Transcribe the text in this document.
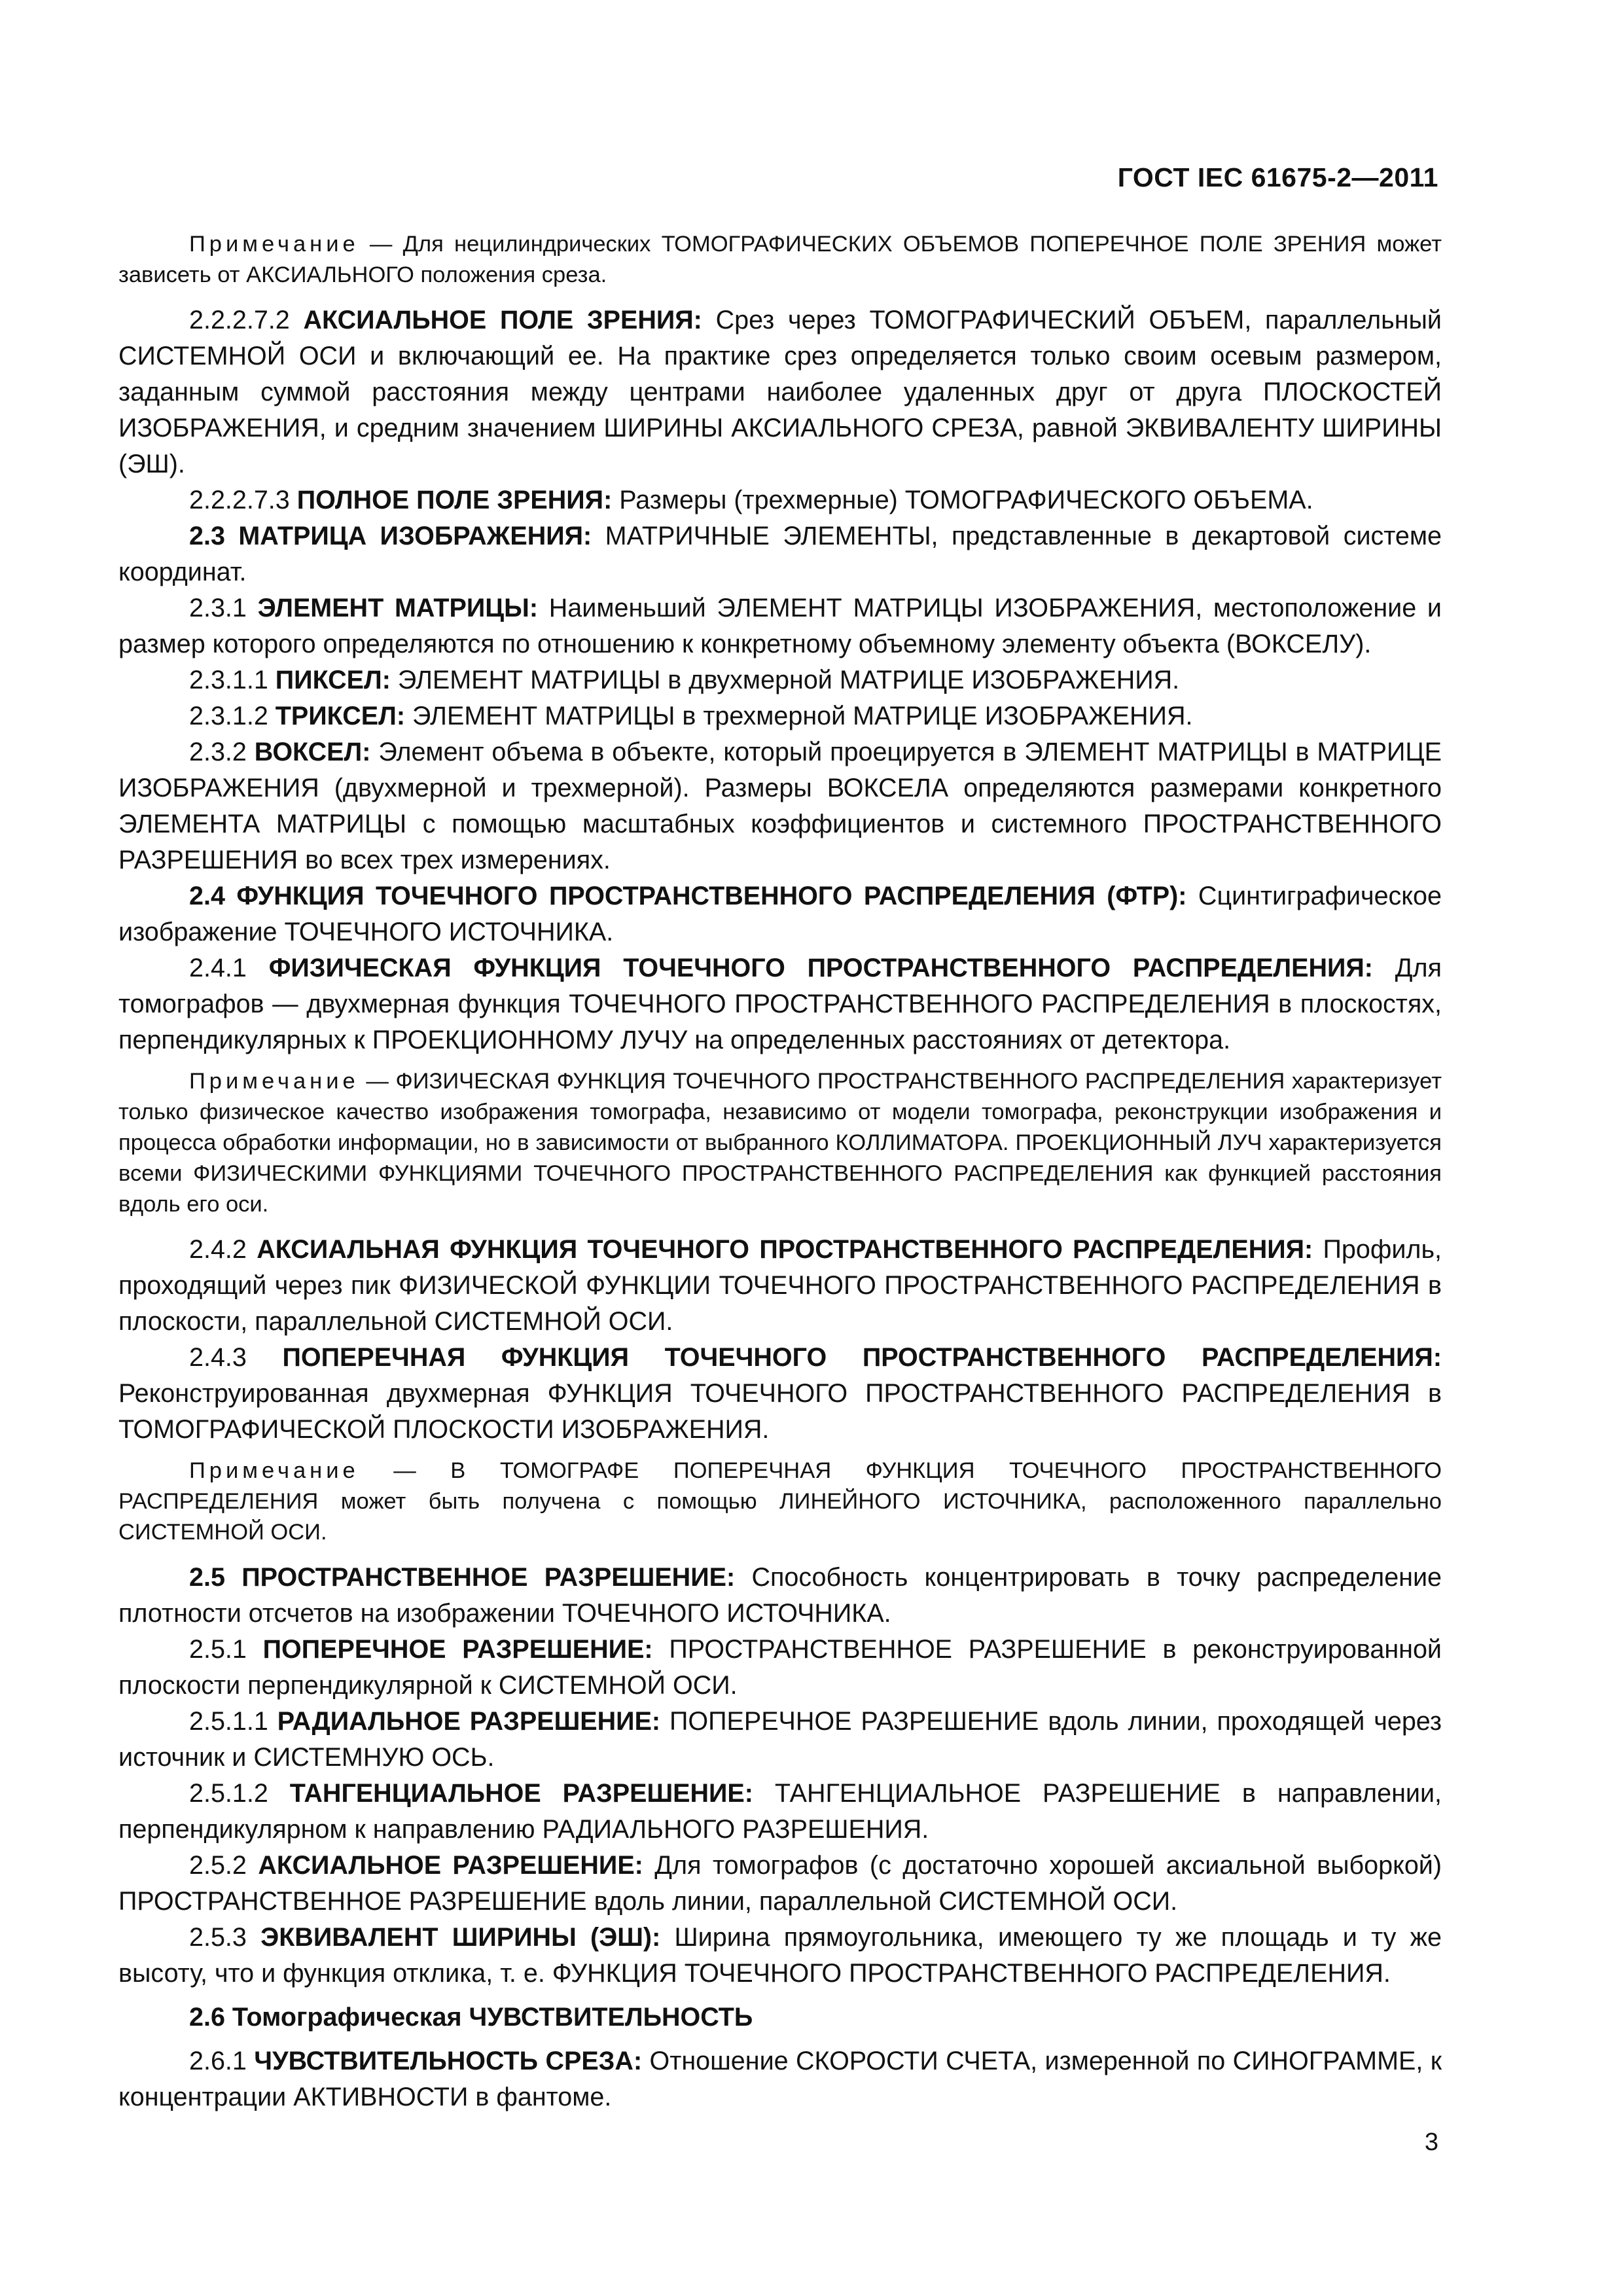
ГОСТ IEC 61675-2—2011

Примечание — Для нецилиндрических ТОМОГРАФИЧЕСКИХ ОБЪЕМОВ ПОПЕРЕЧНОЕ ПОЛЕ ЗРЕНИЯ может зависеть от АКСИАЛЬНОГО положения среза.

2.2.2.7.2 АКСИАЛЬНОЕ ПОЛЕ ЗРЕНИЯ: Срез через ТОМОГРАФИЧЕСКИЙ ОБЪЕМ, параллельный СИСТЕМНОЙ ОСИ и включающий ее. На практике срез определяется только своим осевым размером, заданным суммой расстояния между центрами наиболее удаленных друг от друга ПЛОСКОСТЕЙ ИЗОБРАЖЕНИЯ, и средним значением ШИРИНЫ АКСИАЛЬНОГО СРЕЗА, равной ЭКВИВАЛЕНТУ ШИРИНЫ (ЭШ).

2.2.2.7.3 ПОЛНОЕ ПОЛЕ ЗРЕНИЯ: Размеры (трехмерные) ТОМОГРАФИЧЕСКОГО ОБЪЕМА.

2.3 МАТРИЦА ИЗОБРАЖЕНИЯ: МАТРИЧНЫЕ ЭЛЕМЕНТЫ, представленные в декартовой системе координат.

2.3.1 ЭЛЕМЕНТ МАТРИЦЫ: Наименьший ЭЛЕМЕНТ МАТРИЦЫ ИЗОБРАЖЕНИЯ, местоположение и размер которого определяются по отношению к конкретному объемному элементу объекта (ВОКСЕЛУ).

2.3.1.1 ПИКСЕЛ: ЭЛЕМЕНТ МАТРИЦЫ в двухмерной МАТРИЦЕ ИЗОБРАЖЕНИЯ.

2.3.1.2 ТРИКСЕЛ: ЭЛЕМЕНТ МАТРИЦЫ в трехмерной МАТРИЦЕ ИЗОБРАЖЕНИЯ.

2.3.2 ВОКСЕЛ: Элемент объема в объекте, который проецируется в ЭЛЕМЕНТ МАТРИЦЫ в МАТРИЦЕ ИЗОБРАЖЕНИЯ (двухмерной и трехмерной). Размеры ВОКСЕЛА определяются размерами конкретного ЭЛЕМЕНТА МАТРИЦЫ с помощью масштабных коэффициентов и системного ПРОСТРАНСТВЕННОГО РАЗРЕШЕНИЯ во всех трех измерениях.

2.4 ФУНКЦИЯ ТОЧЕЧНОГО ПРОСТРАНСТВЕННОГО РАСПРЕДЕЛЕНИЯ (ФТР): Сцинтиграфическое изображение ТОЧЕЧНОГО ИСТОЧНИКА.

2.4.1 ФИЗИЧЕСКАЯ ФУНКЦИЯ ТОЧЕЧНОГО ПРОСТРАНСТВЕННОГО РАСПРЕДЕЛЕНИЯ: Для томографов — двухмерная функция ТОЧЕЧНОГО ПРОСТРАНСТВЕННОГО РАСПРЕДЕЛЕНИЯ в плоскостях, перпендикулярных к ПРОЕКЦИОННОМУ ЛУЧУ на определенных расстояниях от детектора.

Примечание — ФИЗИЧЕСКАЯ ФУНКЦИЯ ТОЧЕЧНОГО ПРОСТРАНСТВЕННОГО РАСПРЕДЕЛЕНИЯ характеризует только физическое качество изображения томографа, независимо от модели томографа, реконструкции изображения и процесса обработки информации, но в зависимости от выбранного КОЛЛИМАТОРА. ПРОЕКЦИОННЫЙ ЛУЧ характеризуется всеми ФИЗИЧЕСКИМИ ФУНКЦИЯМИ ТОЧЕЧНОГО ПРОСТРАНСТВЕННОГО РАСПРЕДЕЛЕНИЯ как функцией расстояния вдоль его оси.

2.4.2 АКСИАЛЬНАЯ ФУНКЦИЯ ТОЧЕЧНОГО ПРОСТРАНСТВЕННОГО РАСПРЕДЕЛЕНИЯ: Профиль, проходящий через пик ФИЗИЧЕСКОЙ ФУНКЦИИ ТОЧЕЧНОГО ПРОСТРАНСТВЕННОГО РАСПРЕДЕЛЕНИЯ в плоскости, параллельной СИСТЕМНОЙ ОСИ.

2.4.3 ПОПЕРЕЧНАЯ ФУНКЦИЯ ТОЧЕЧНОГО ПРОСТРАНСТВЕННОГО РАСПРЕДЕЛЕНИЯ: Реконструированная двухмерная ФУНКЦИЯ ТОЧЕЧНОГО ПРОСТРАНСТВЕННОГО РАСПРЕДЕЛЕНИЯ в ТОМОГРАФИЧЕСКОЙ ПЛОСКОСТИ ИЗОБРАЖЕНИЯ.

Примечание — В ТОМОГРАФЕ ПОПЕРЕЧНАЯ ФУНКЦИЯ ТОЧЕЧНОГО ПРОСТРАНСТВЕННОГО РАСПРЕДЕЛЕНИЯ может быть получена с помощью ЛИНЕЙНОГО ИСТОЧНИКА, расположенного параллельно СИСТЕМНОЙ ОСИ.

2.5 ПРОСТРАНСТВЕННОЕ РАЗРЕШЕНИЕ: Способность концентрировать в точку распределение плотности отсчетов на изображении ТОЧЕЧНОГО ИСТОЧНИКА.

2.5.1 ПОПЕРЕЧНОЕ РАЗРЕШЕНИЕ: ПРОСТРАНСТВЕННОЕ РАЗРЕШЕНИЕ в реконструированной плоскости перпендикулярной к СИСТЕМНОЙ ОСИ.

2.5.1.1 РАДИАЛЬНОЕ РАЗРЕШЕНИЕ: ПОПЕРЕЧНОЕ РАЗРЕШЕНИЕ вдоль линии, проходящей через источник и СИСТЕМНУЮ ОСЬ.

2.5.1.2 ТАНГЕНЦИАЛЬНОЕ РАЗРЕШЕНИЕ: ТАНГЕНЦИАЛЬНОЕ РАЗРЕШЕНИЕ в направлении, перпендикулярном к направлению РАДИАЛЬНОГО РАЗРЕШЕНИЯ.

2.5.2 АКСИАЛЬНОЕ РАЗРЕШЕНИЕ: Для томографов (с достаточно хорошей аксиальной выборкой) ПРОСТРАНСТВЕННОЕ РАЗРЕШЕНИЕ вдоль линии, параллельной СИСТЕМНОЙ ОСИ.

2.5.3 ЭКВИВАЛЕНТ ШИРИНЫ (ЭШ): Ширина прямоугольника, имеющего ту же площадь и ту же высоту, что и функция отклика, т. е. ФУНКЦИЯ ТОЧЕЧНОГО ПРОСТРАНСТВЕННОГО РАСПРЕДЕЛЕНИЯ.

2.6 Томографическая ЧУВСТВИТЕЛЬНОСТЬ

2.6.1 ЧУВСТВИТЕЛЬНОСТЬ СРЕЗА: Отношение СКОРОСТИ СЧЕТА, измеренной по СИНОГРАММЕ, к концентрации АКТИВНОСТИ в фантоме.

3
